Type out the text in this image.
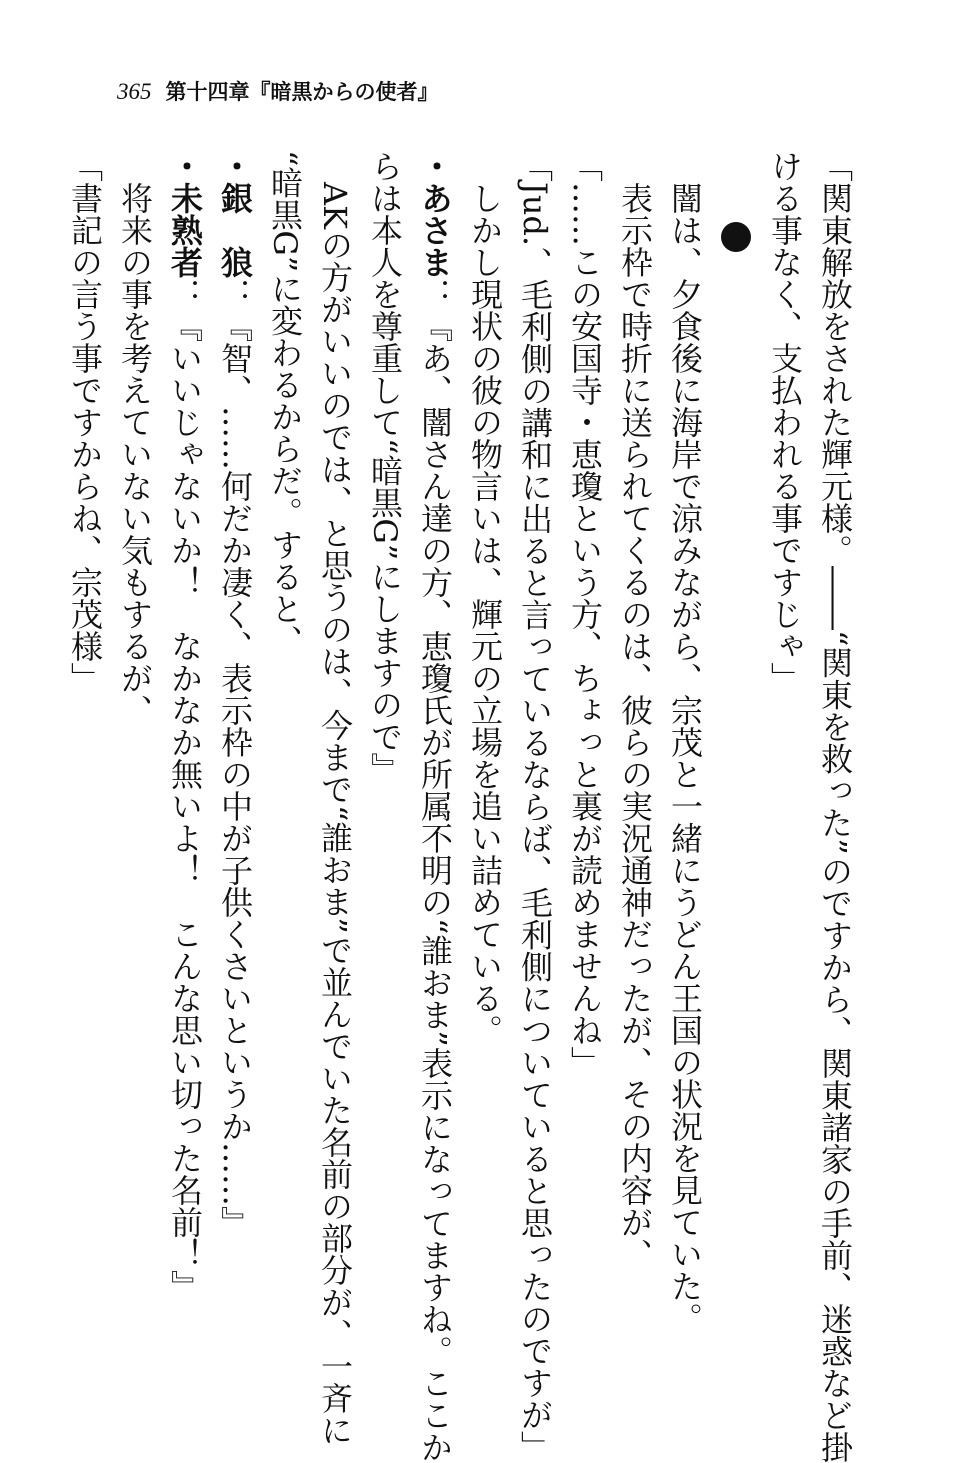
365 第十四章『暗黒からの使者』
「関東解放をされた輝元様。――“関東を救った”のですから、関東諸家の手前、迷惑など掛
ける事なく、支払われる事ですじゃ」
闇は、夕食後に海岸で涼みながら、宗茂と一緒にうどん王国の状況を見ていた。
表示枠で時折に送られてくるのは、彼らの実況通神だったが、その内容が、
「……この安国寺・恵瓊という方、ちょっと裏が読めませんね」
「Jud.、毛利側の講和に出ると言っているならば、毛利側についていると思ったのですが」
しかし現状の彼の物言いは、輝元の立場を追い詰めている。
・あさま：『あ、闇さん達の方、恵瓊氏が所属不明の“誰おま”表示になってますね。ここか
らは本人を尊重して“暗黒G”にしますので』
AKの方がいいのでは、と思うのは、今まで“誰おま”で並んでいた名前の部分が、一斉に
“暗黒G”に変わるからだ。すると、
・銀　狼：『智、……何だか凄く、表示枠の中が子供くさいというか……』
・未熟者：『いいじゃないか！　なかなか無いよ！　こんな思い切った名前！』
将来の事を考えていない気もするが、
「書記の言う事ですからね、宗茂様」
